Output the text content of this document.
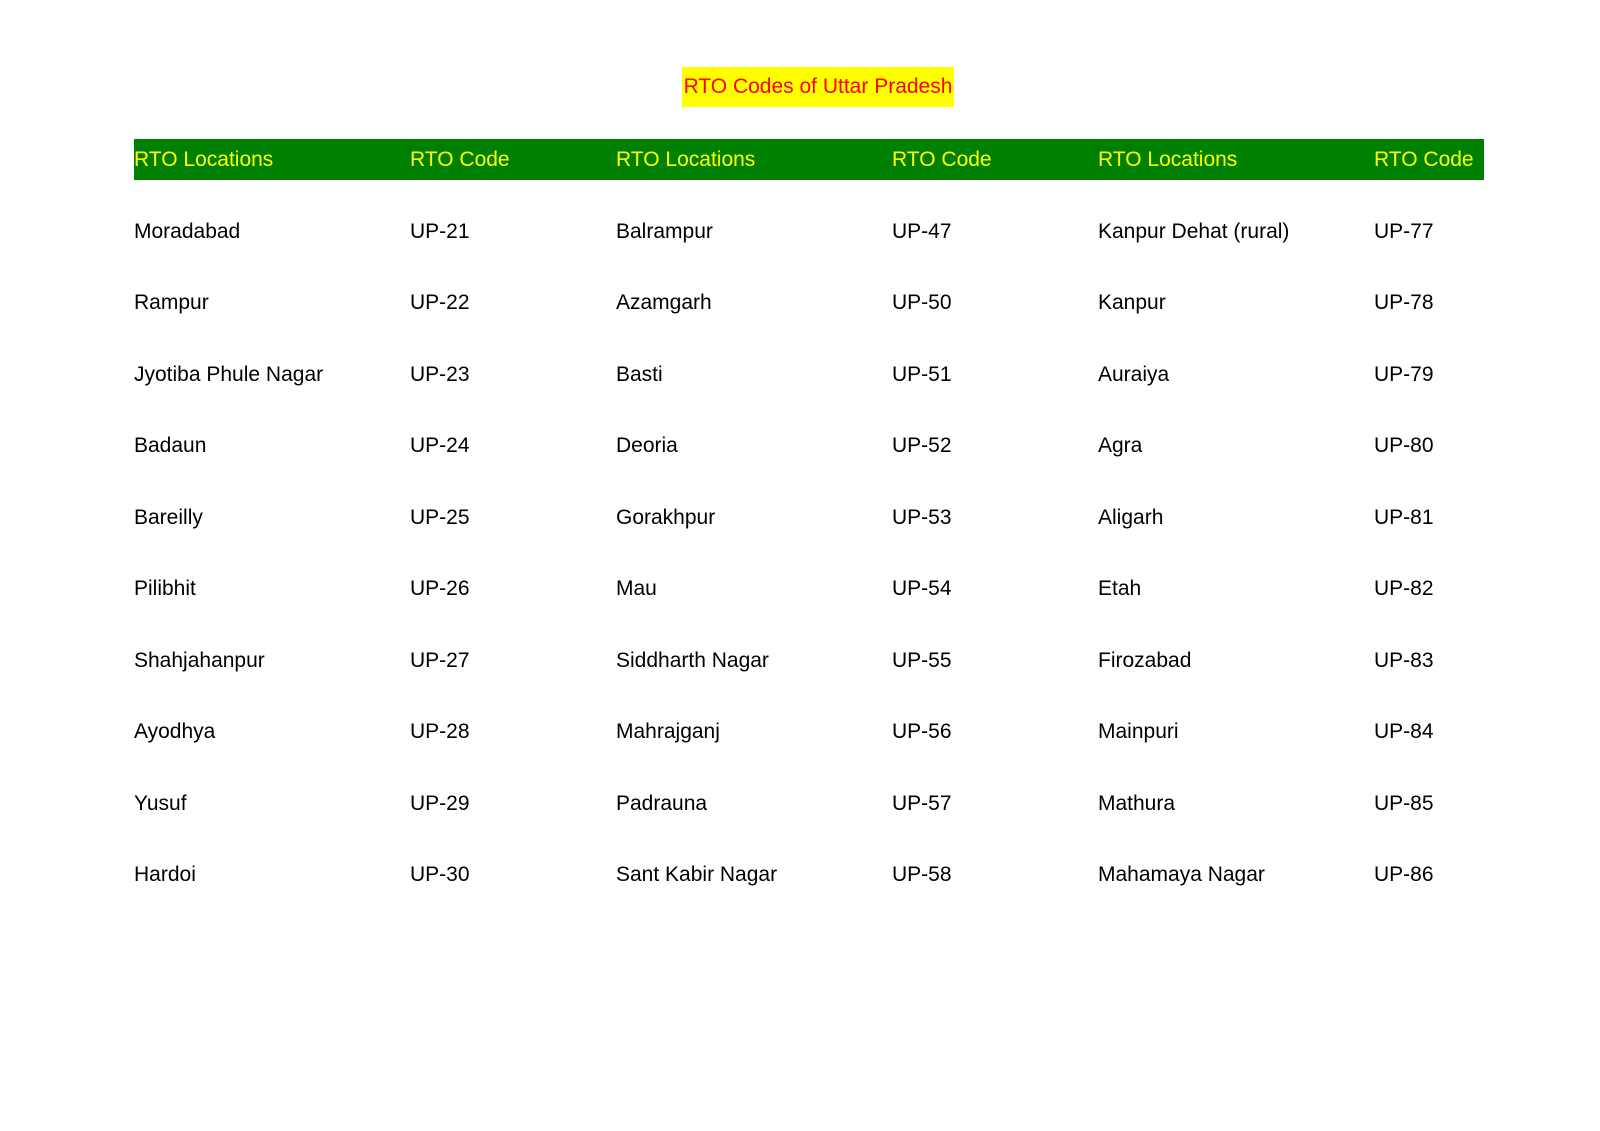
RTO Codes of Uttar Pradesh
RTO Locations	RTO Code	RTO Locations	RTO Code	RTO Locations	RTO Code
Moradabad	UP-21	Balrampur	UP-47	Kanpur Dehat (rural)	UP-77
Rampur	UP-22	Azamgarh	UP-50	Kanpur	UP-78
Jyotiba Phule Nagar	UP-23	Basti	UP-51	Auraiya	UP-79
Badaun	UP-24	Deoria	UP-52	Agra	UP-80
Bareilly	UP-25	Gorakhpur	UP-53	Aligarh	UP-81
Pilibhit	UP-26	Mau	UP-54	Etah	UP-82
Shahjahanpur	UP-27	Siddharth Nagar	UP-55	Firozabad	UP-83
Ayodhya	UP-28	Mahrajganj	UP-56	Mainpuri	UP-84
Yusuf	UP-29	Padrauna	UP-57	Mathura	UP-85
Hardoi	UP-30	Sant Kabir Nagar	UP-58	Mahamaya Nagar	UP-86
